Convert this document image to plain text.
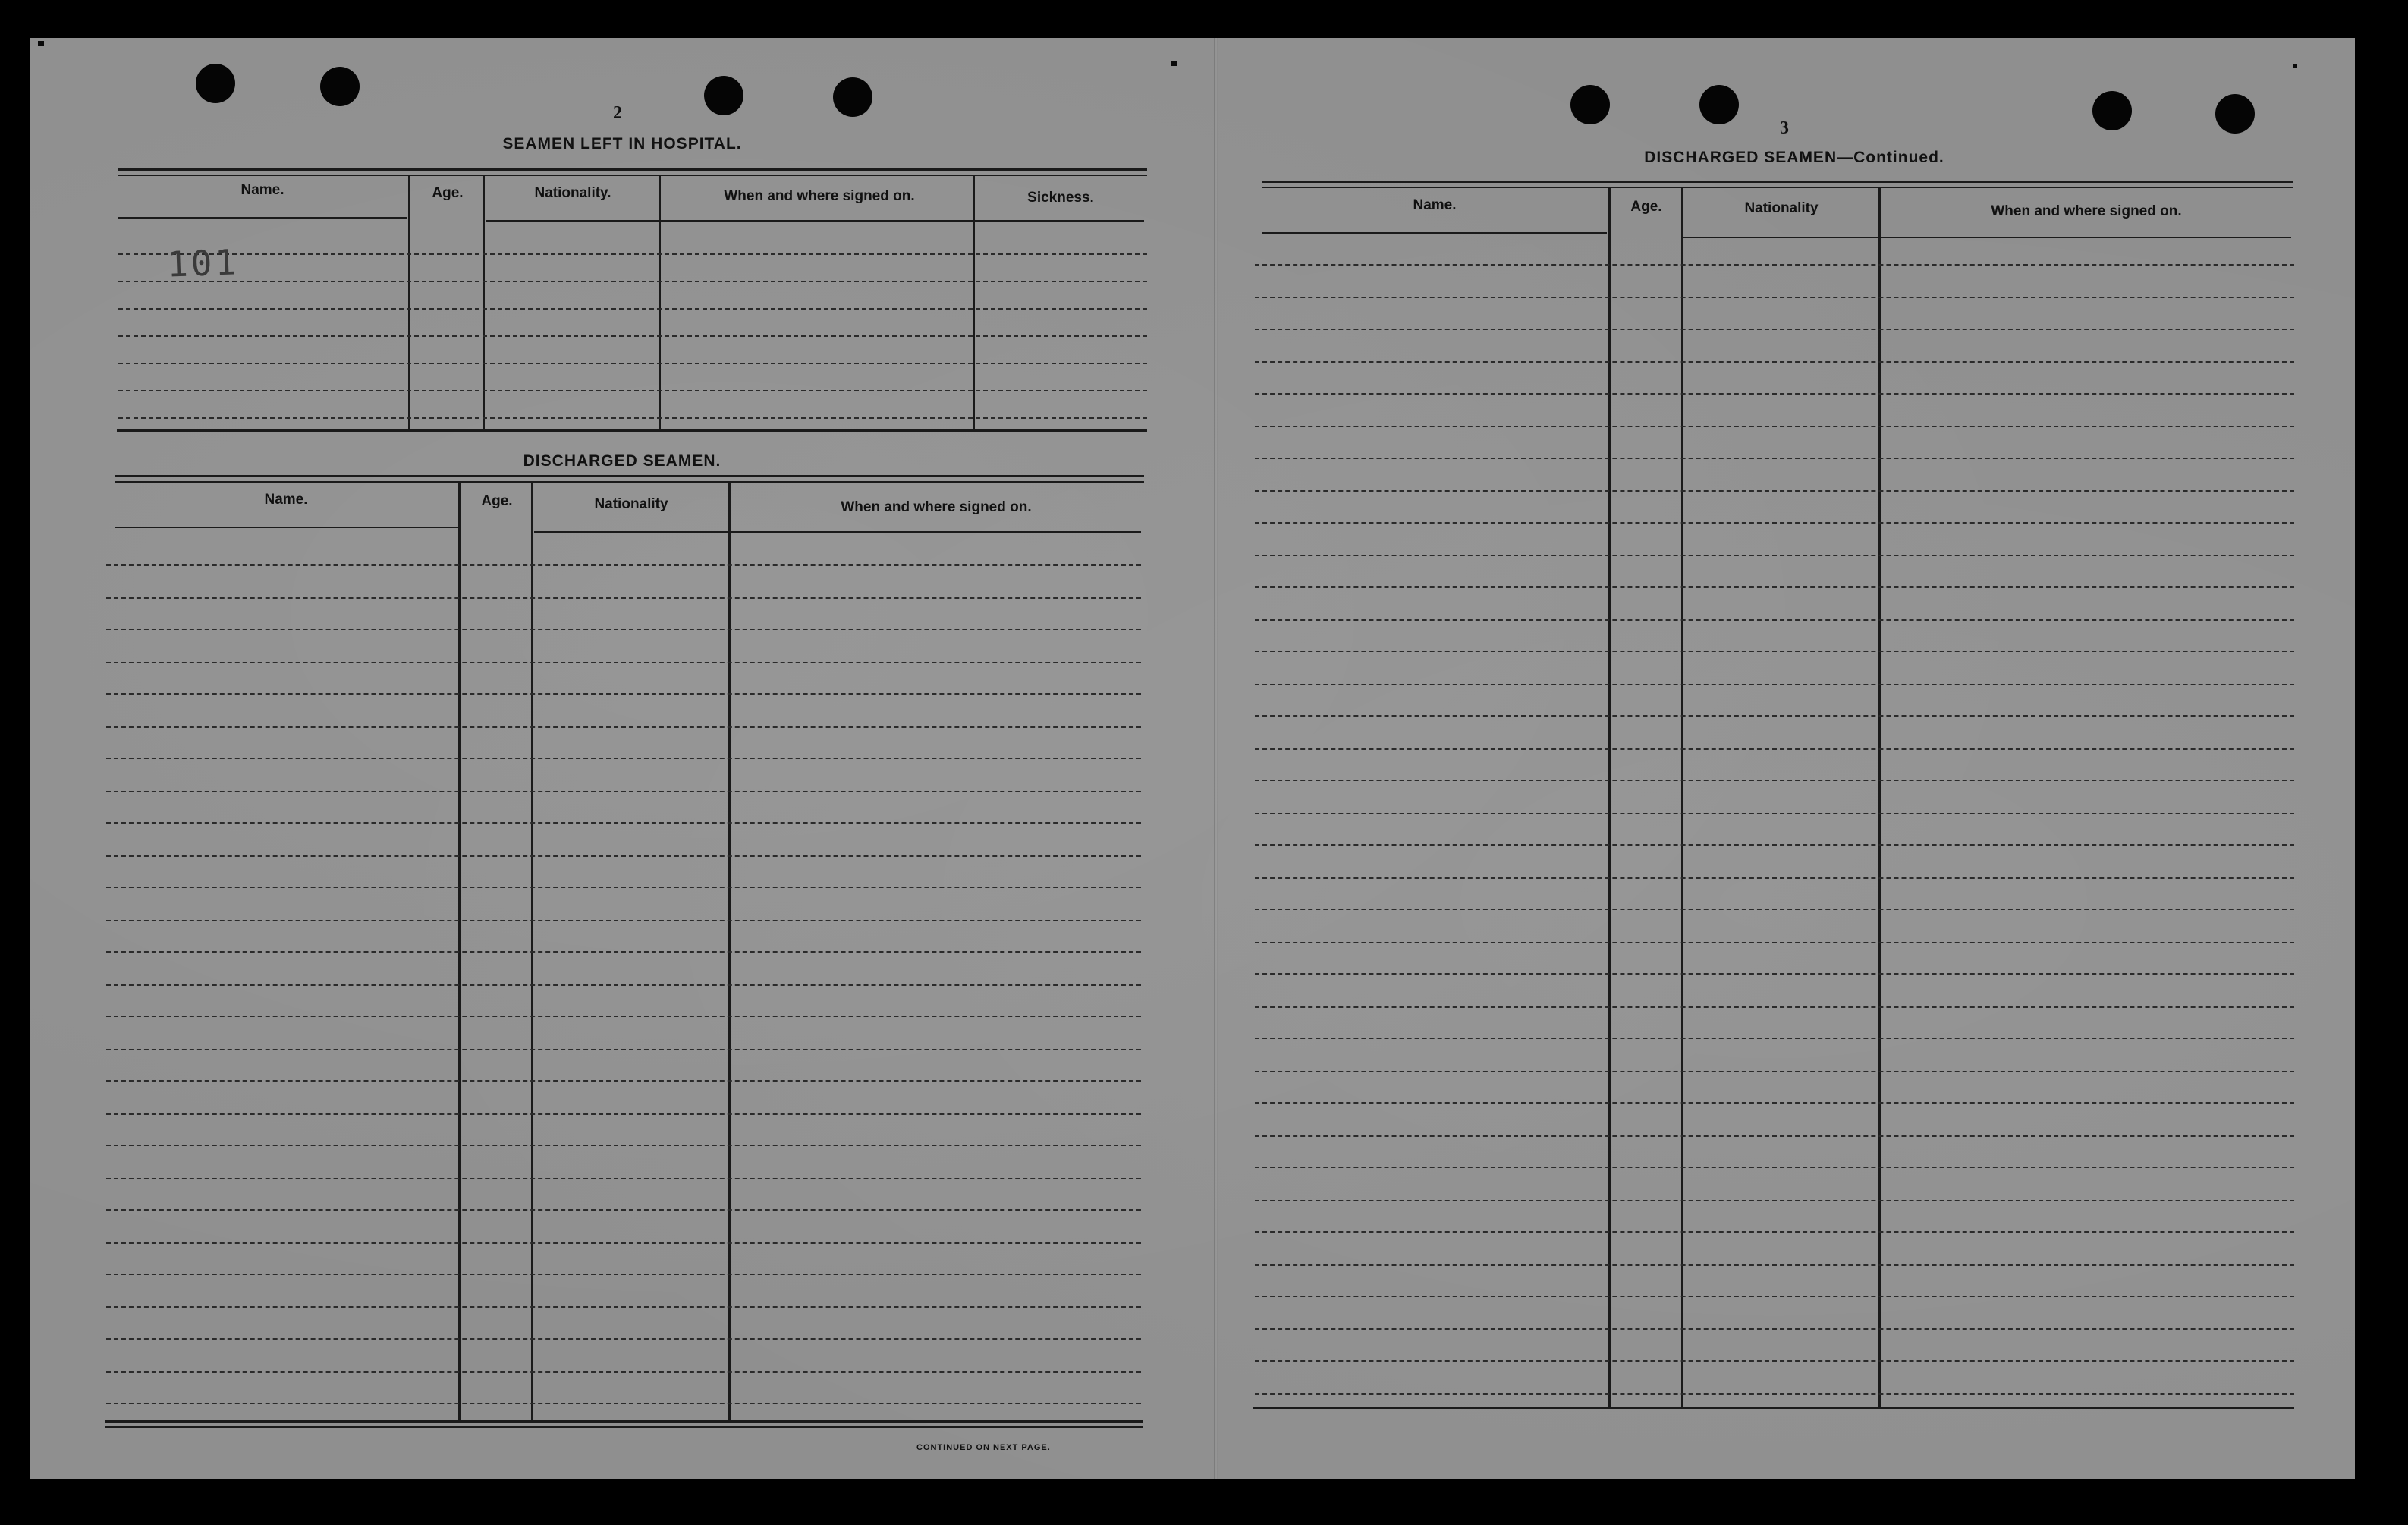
2
SEAMEN LEFT IN HOSPITAL.
Name.	Age.	Nationality.	When and where signed on.	Sickness.
101
DISCHARGED SEAMEN.
Name.	Age.	Nationality	When and where signed on.
CONTINUED ON NEXT PAGE.
3
DISCHARGED SEAMEN—Continued.
Name.	Age.	Nationality	When and where signed on.
